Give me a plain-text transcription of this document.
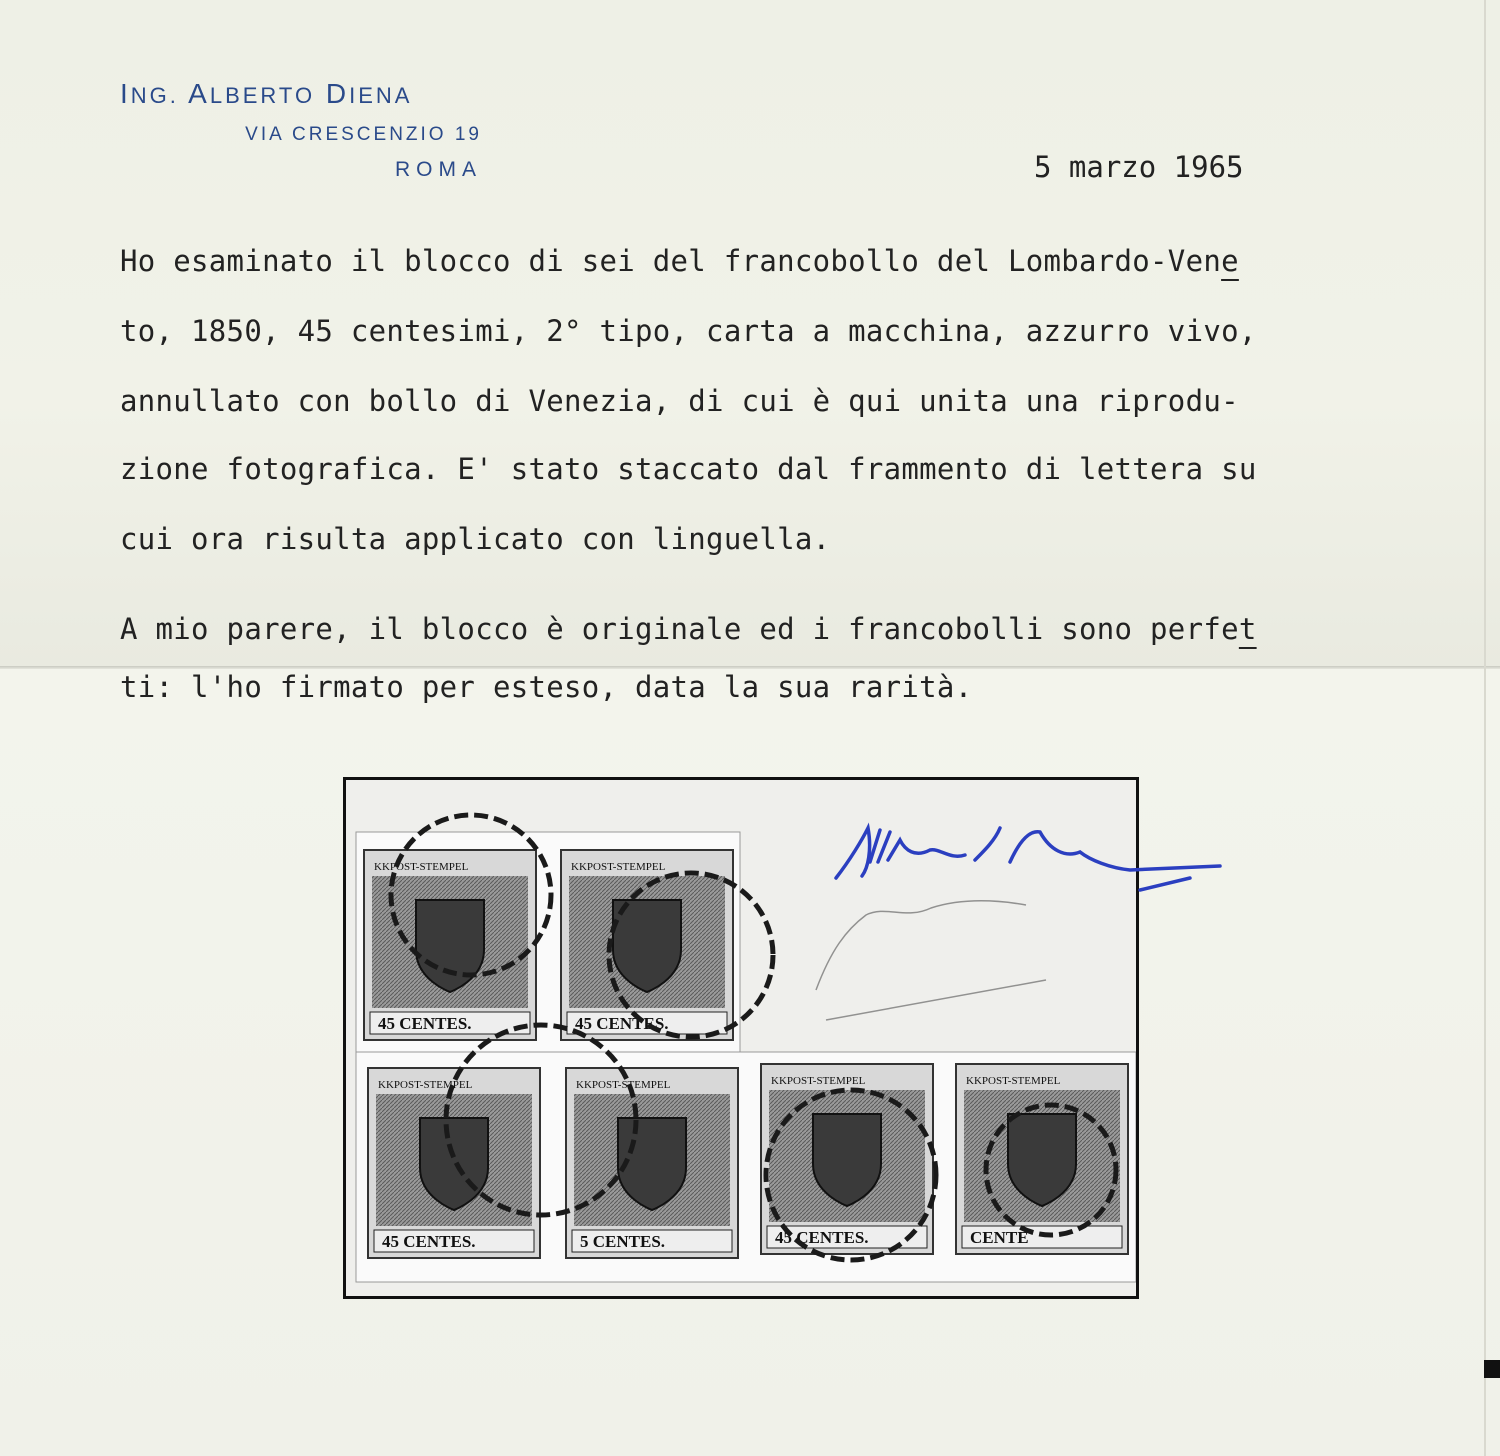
ING. ALBERTO DIENA
VIA CRESCENZIO 19
ROMA	5 marzo 1965
Ho esaminato il blocco di sei del francobollo del Lombardo-Vene
to, 1850, 45 centesimi, 2° tipo, carta a macchina, azzurro vivo,
annullato con bollo di Venezia, di cui è qui unita una riprodu-
zione fotografica. E' stato staccato dal frammento di lettera su
cui ora risulta applicato con linguella.
A mio parere, il blocco è originale ed i francobolli sono perfet
ti: l'ho firmato per esteso, data la sua rarità.
KKPOST-STEMPEL
45 CENTES.
KKPOST-STEMPEL
45 CENTES.
KKPOST-STEMPEL
45 CENTES.
KKPOST-STEMPEL
5 CENTES.
KKPOST-STEMPEL
45 CENTES.
KKPOST-STEMPEL
CENTE
